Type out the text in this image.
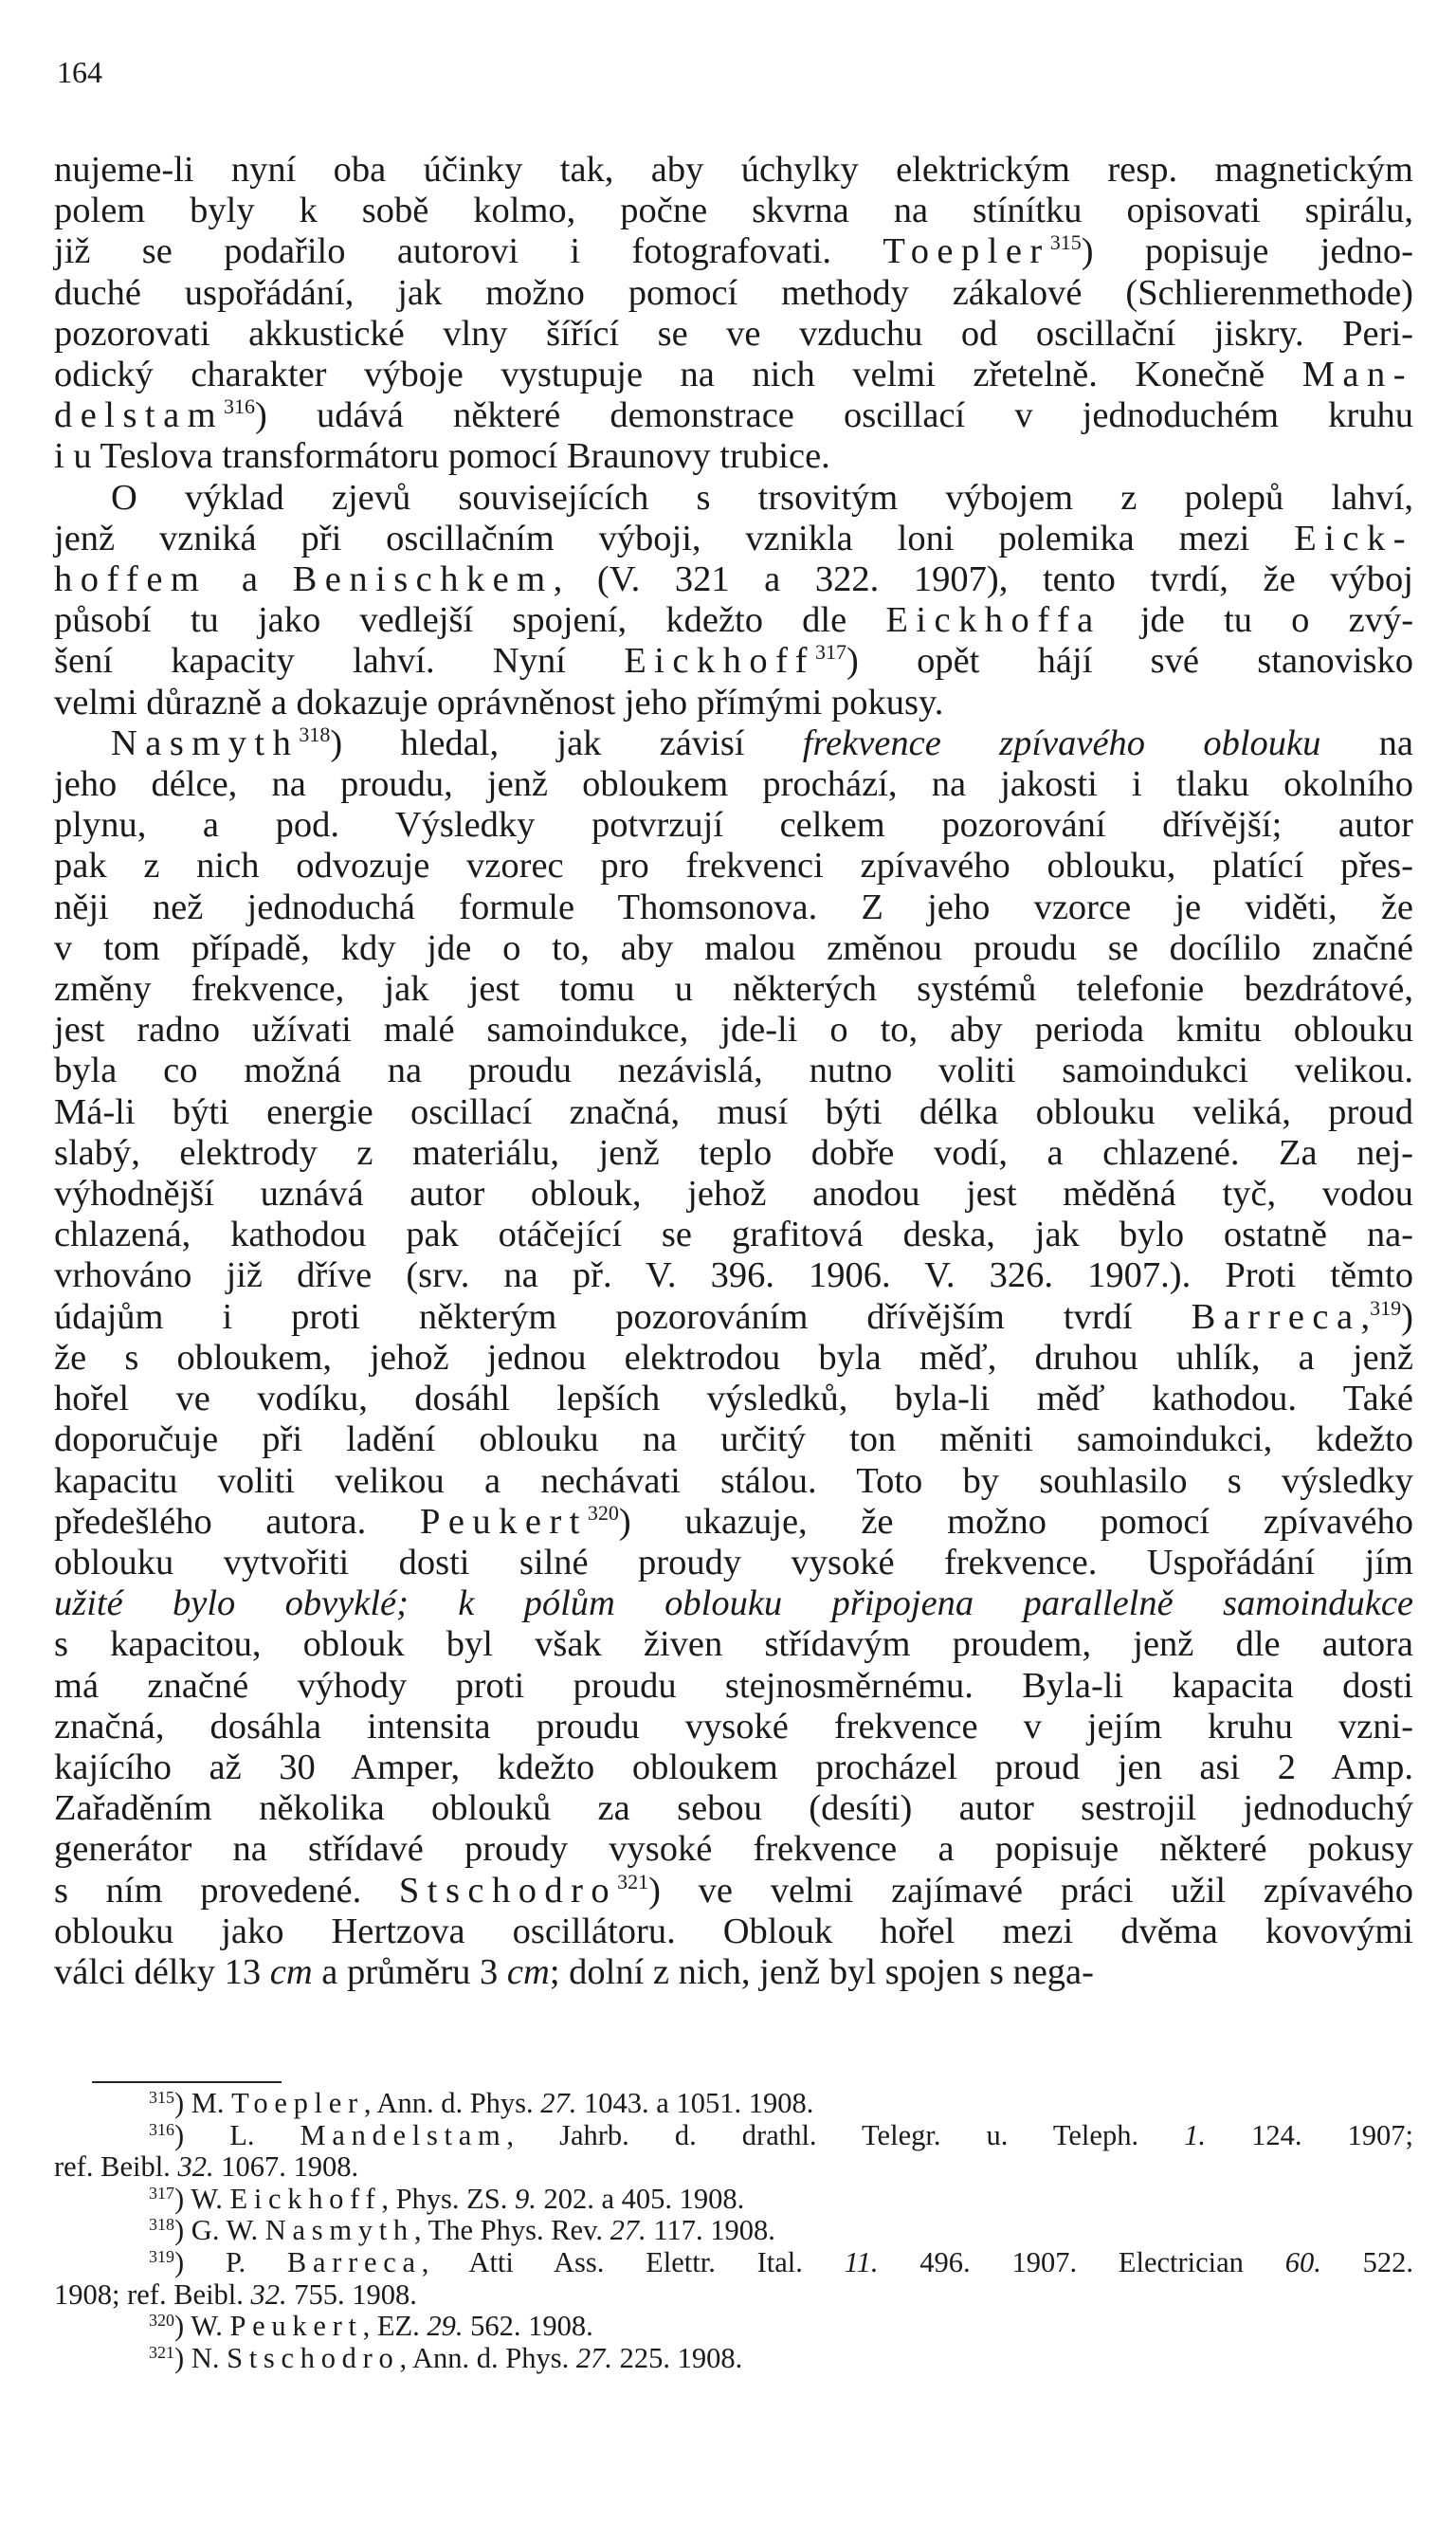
164

nujeme-li nyní oba účinky tak, aby úchylky elektrickým resp. magnetickým

polem byly k sobě kolmo, počne skvrna na stínítku opisovati spirálu,

již se podařilo autorovi i fotografovati. Toepler$^{315}$) popisuje jedno-

duché uspořádání, jak možno pomocí methody zákalové (Schlierenmethode)

pozorovati akkustické vlny šířící se ve vzduchu od oscillační jiskry. Peri-

odický charakter výboje vystupuje na nich velmi zřetelně. Konečně Man-

delstam$^{316}$) udává některé demonstrace oscillací v jednoduchém kruhu

i u Teslova transformátoru pomocí Braunovy trubice.

O výklad zjevů souvisejících s trsovitým výbojem z polepů lahví,

jenž vzniká při oscillačním výboji, vznikla loni polemika mezi Eick-

hoffem a Benischkem, (V. 321 a 322. 1907), tento tvrdí, že výboj

působí tu jako vedlejší spojení, kdežto dle Eickhoffa jde tu o zvý-

šení kapacity lahví. Nyní Eickhoff$^{317}$) opět hájí své stanovisko

velmi důrazně a dokazuje oprávněnost jeho přímými pokusy.

Nasmyth$^{318}$) hledal, jak závisí frekvence zpívavého oblouku na

jeho délce, na proudu, jenž obloukem prochází, na jakosti i tlaku okolního

plynu, a pod. Výsledky potvrzují celkem pozorování dřívější; autor

pak z nich odvozuje vzorec pro frekvenci zpívavého oblouku, platící přes-

něji než jednoduchá formule Thomsonova. Z jeho vzorce je viděti, že

v tom případě, kdy jde o to, aby malou změnou proudu se docílilo značné

změny frekvence, jak jest tomu u některých systémů telefonie bezdrátové,

jest radno užívati malé samoindukce, jde-li o to, aby perioda kmitu oblouku

byla co možná na proudu nezávislá, nutno voliti samoindukci velikou.

Má-li býti energie oscillací značná, musí býti délka oblouku veliká, proud

slabý, elektrody z materiálu, jenž teplo dobře vodí, a chlazené. Za nej-

výhodnější uznává autor oblouk, jehož anodou jest měděná tyč, vodou

chlazená, kathodou pak otáčející se grafitová deska, jak bylo ostatně na-

vrhováno již dříve (srv. na př. V. 396. 1906. V. 326. 1907.). Proti těmto

údajům i proti některým pozorováním dřívějším tvrdí Barreca,$^{319}$)

že s obloukem, jehož jednou elektrodou byla měď, druhou uhlík, a jenž

hořel ve vodíku, dosáhl lepších výsledků, byla-li měď kathodou. Také

doporučuje při ladění oblouku na určitý ton měniti samoindukci, kdežto

kapacitu voliti velikou a nechávati stálou. Toto by souhlasilo s výsledky

předešlého autora. Peukert$^{320}$) ukazuje, že možno pomocí zpívavého

oblouku vytvořiti dosti silné proudy vysoké frekvence. Uspořádání jím

užité bylo obvyklé; k pólům oblouku připojena parallelně samoindukce

s kapacitou, oblouk byl však živen střídavým proudem, jenž dle autora

má značné výhody proti proudu stejnosměrnému. Byla-li kapacita dosti

značná, dosáhla intensita proudu vysoké frekvence v jejím kruhu vzni-

kajícího až 30 Amper, kdežto obloukem procházel proud jen asi 2 Amp.

Zařaděním několika oblouků za sebou (desíti) autor sestrojil jednoduchý

generátor na střídavé proudy vysoké frekvence a popisuje některé pokusy

s ním provedené. Stschodro$^{321}$) ve velmi zajímavé práci užil zpívavého

oblouku jako Hertzova oscillátoru. Oblouk hořel mezi dvěma kovovými

válci délky 13 cm a průměru 3 cm; dolní z nich, jenž byl spojen s nega-

$^{315}$) M. Toepler, Ann. d. Phys. 27. 1043. a 1051. 1908.
$^{316}$) L. Mandelstam, Jahrb. d. drathl. Telegr. u. Teleph. 1. 124. 1907;
ref. Beibl. 32. 1067. 1908.
$^{317}$) W. Eickhoff, Phys. ZS. 9. 202. a 405. 1908.
$^{318}$) G. W. Nasmyth, The Phys. Rev. 27. 117. 1908.
$^{319}$) P. Barreca, Atti Ass. Elettr. Ital. 11. 496. 1907. Electrician 60. 522.
1908; ref. Beibl. 32. 755. 1908.
$^{320}$) W. Peukert, EZ. 29. 562. 1908.
$^{321}$) N. Stschodro, Ann. d. Phys. 27. 225. 1908.
